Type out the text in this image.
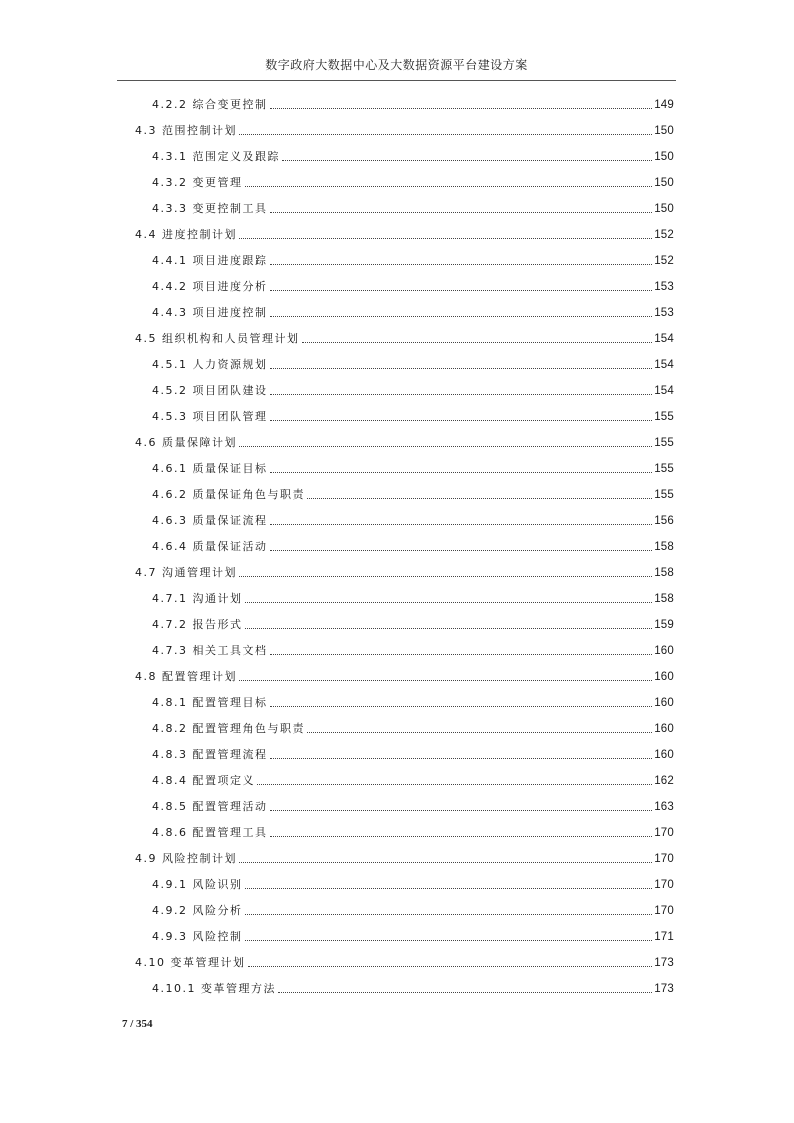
数字政府大数据中心及大数据资源平台建设方案
4.2.2 综合变更控制	149
4.3 范围控制计划	150
4.3.1 范围定义及跟踪	150
4.3.2 变更管理	150
4.3.3 变更控制工具	150
4.4 进度控制计划	152
4.4.1 项目进度跟踪	152
4.4.2 项目进度分析	153
4.4.3 项目进度控制	153
4.5 组织机构和人员管理计划	154
4.5.1 人力资源规划	154
4.5.2 项目团队建设	154
4.5.3 项目团队管理	155
4.6 质量保障计划	155
4.6.1 质量保证目标	155
4.6.2 质量保证角色与职责	155
4.6.3 质量保证流程	156
4.6.4 质量保证活动	158
4.7 沟通管理计划	158
4.7.1 沟通计划	158
4.7.2 报告形式	159
4.7.3 相关工具文档	160
4.8 配置管理计划	160
4.8.1 配置管理目标	160
4.8.2 配置管理角色与职责	160
4.8.3 配置管理流程	160
4.8.4 配置项定义	162
4.8.5 配置管理活动	163
4.8.6 配置管理工具	170
4.9 风险控制计划	170
4.9.1 风险识别	170
4.9.2 风险分析	170
4.9.3 风险控制	171
4.10 变革管理计划	173
4.10.1 变革管理方法	173
7 / 354
